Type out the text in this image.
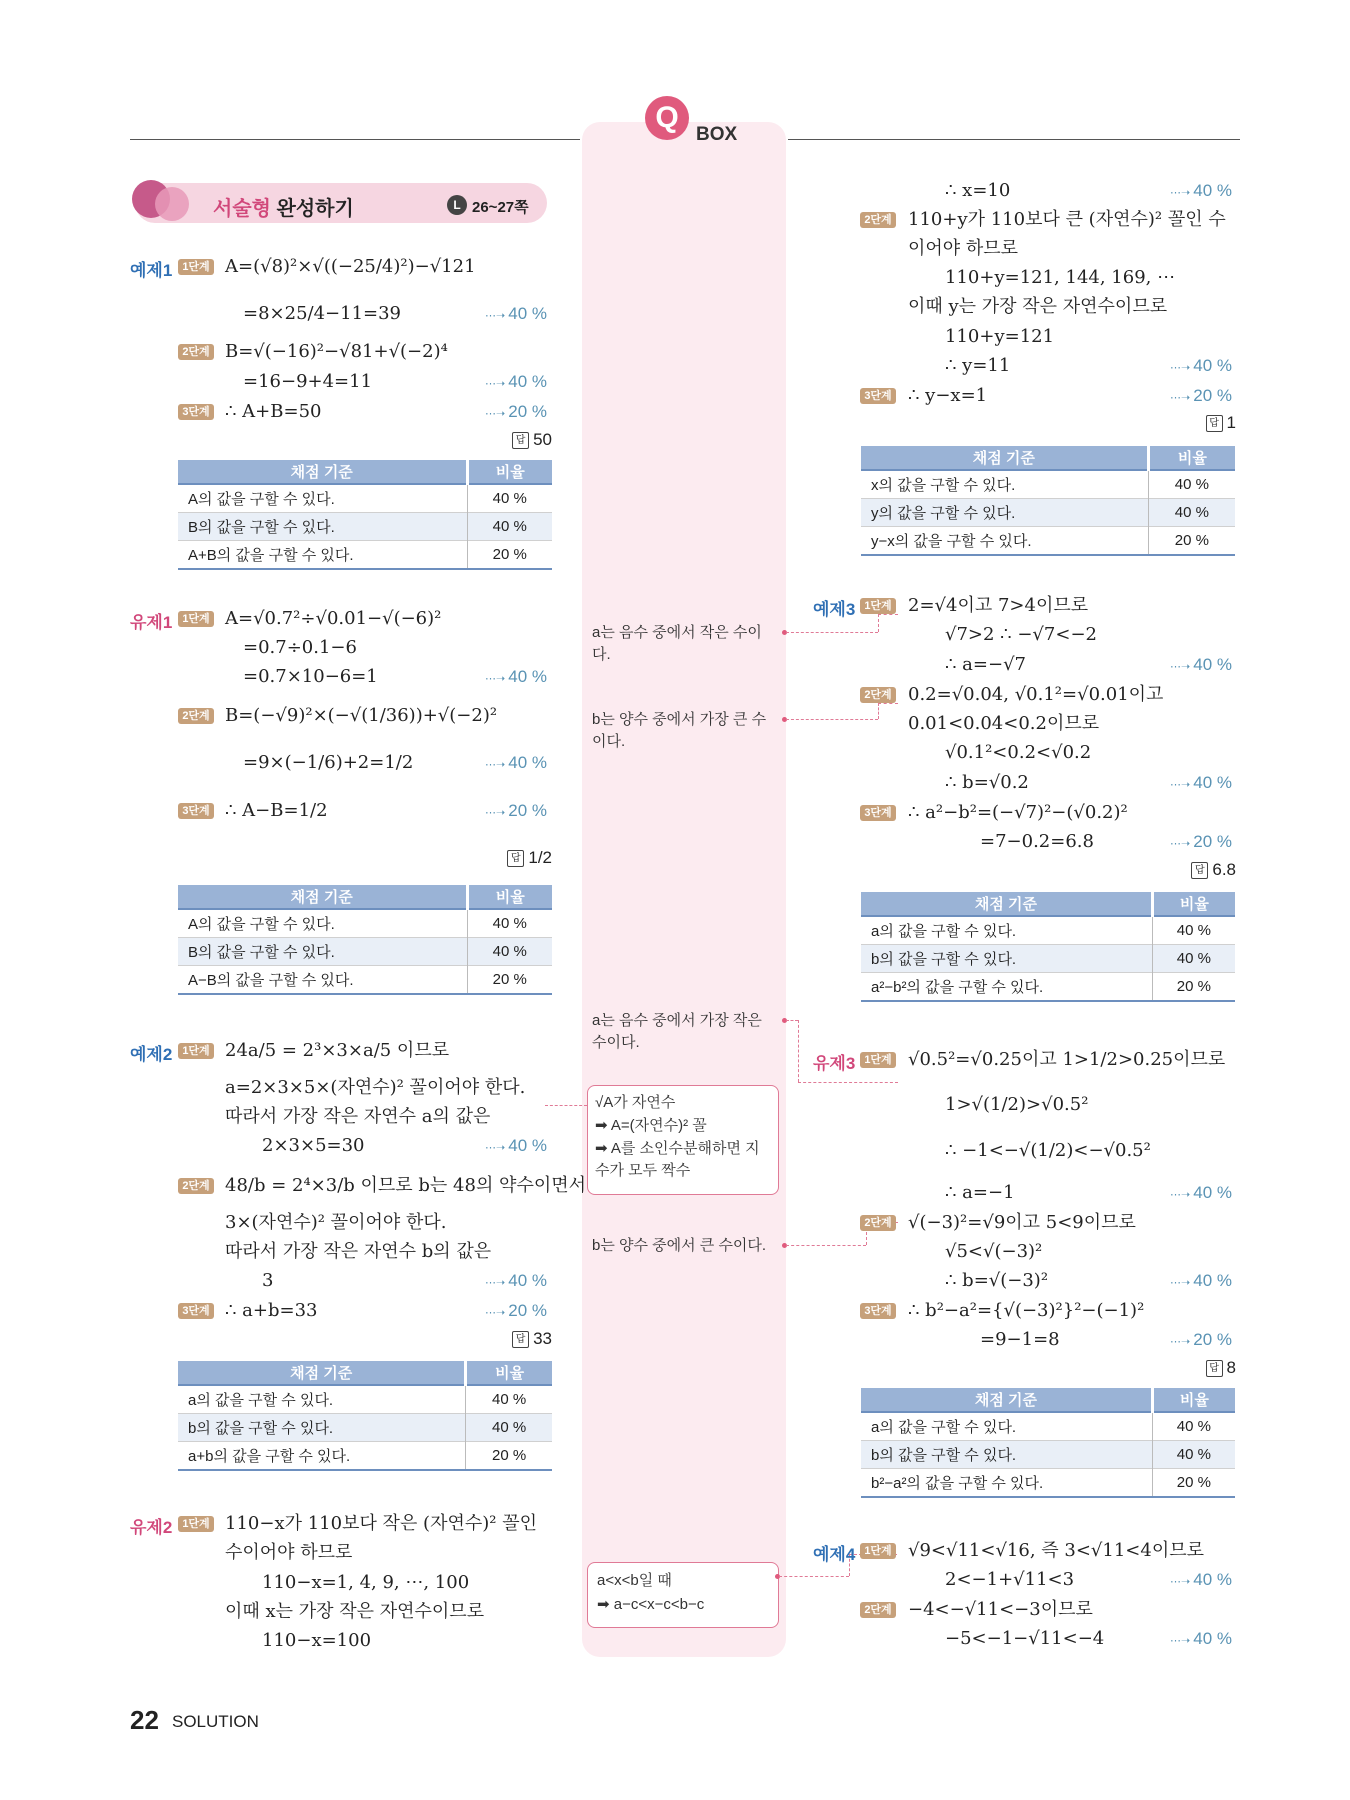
Q
BOX
서술형 완성하기	L 26~27쪽
예제1 1단계 A=(√8)²×√((−25/4)²)−√121
=8×25/4−11=39	⋯➝ 40 %
2단계 B=√(−16)²−√81+√(−2)⁴
=16−9+4=11	⋯➝ 40 %
3단계 ∴ A+B=50	⋯➝ 20 %
답 50
채점 기준	비율
A의 값을 구할 수 있다.	40 %
B의 값을 구할 수 있다.	40 %
A+B의 값을 구할 수 있다.	20 %
유제1 1단계 A=√0.7²÷√0.01−√(−6)²
=0.7÷0.1−6
=0.7×10−6=1	⋯➝ 40 %
2단계 B=(−√9)²×(−√(1/36))+√(−2)²
=9×(−1/6)+2=1/2	⋯➝ 40 %
3단계 ∴ A−B=1/2	⋯➝ 20 %
답 1/2
채점 기준	비율
A의 값을 구할 수 있다.	40 %
B의 값을 구할 수 있다.	40 %
A−B의 값을 구할 수 있다.	20 %
예제2 1단계 24a/5 = 2³×3×a/5 이므로
a=2×3×5×(자연수)² 꼴이어야 한다.
따라서 가장 작은 자연수 a의 값은
2×3×5=30	⋯➝ 40 %
2단계 48/b = 2⁴×3/b 이므로 b는 48의 약수이면서
3×(자연수)² 꼴이어야 한다.
따라서 가장 작은 자연수 b의 값은
3	⋯➝ 40 %
3단계 ∴ a+b=33	⋯➝ 20 %
답 33
채점 기준	비율
a의 값을 구할 수 있다.	40 %
b의 값을 구할 수 있다.	40 %
a+b의 값을 구할 수 있다.	20 %
유제2 1단계 110−x가 110보다 작은 (자연수)² 꼴인
수이어야 하므로
110−x=1, 4, 9, ⋯, 100
이때 x는 가장 작은 자연수이므로
110−x=100
a는 음수 중에서 작은 수이다.
b는 양수 중에서 가장 큰 수이다.
a는 음수 중에서 가장 작은 수이다.
√A가 자연수
➡ A=(자연수)² 꼴
➡ A를 소인수분해하면 지수가 모두 짝수
b는 양수 중에서 큰 수이다.
a<x<b일 때
➡ a−c<x−c<b−c
∴ x=10	⋯➝ 40 %
2단계 110+y가 110보다 큰 (자연수)² 꼴인 수
이어야 하므로
110+y=121, 144, 169, ⋯
이때 y는 가장 작은 자연수이므로
110+y=121
∴ y=11	⋯➝ 40 %
3단계 ∴ y−x=1	⋯➝ 20 %
답 1
채점 기준	비율
x의 값을 구할 수 있다.	40 %
y의 값을 구할 수 있다.	40 %
y−x의 값을 구할 수 있다.	20 %
예제3 1단계 2=√4이고 7>4이므로
√7>2 ∴ −√7<−2
∴ a=−√7	⋯➝ 40 %
2단계 0.2=√0.04, √0.1²=√0.01이고
0.01<0.04<0.2이므로
√0.1²<0.2<√0.2
∴ b=√0.2	⋯➝ 40 %
3단계 ∴ a²−b²=(−√7)²−(√0.2)²
=7−0.2=6.8	⋯➝ 20 %
답 6.8
채점 기준	비율
a의 값을 구할 수 있다.	40 %
b의 값을 구할 수 있다.	40 %
a²−b²의 값을 구할 수 있다.	20 %
유제3 1단계 √0.5²=√0.25이고 1>1/2>0.25이므로
1>√(1/2)>√0.5²
∴ −1<−√(1/2)<−√0.5²
∴ a=−1	⋯➝ 40 %
2단계 √(−3)²=√9이고 5<9이므로
√5<√(−3)²
∴ b=√(−3)²	⋯➝ 40 %
3단계 ∴ b²−a²={√(−3)²}²−(−1)²
=9−1=8	⋯➝ 20 %
답 8
채점 기준	비율
a의 값을 구할 수 있다.	40 %
b의 값을 구할 수 있다.	40 %
b²−a²의 값을 구할 수 있다.	20 %
예제4 1단계 √9<√11<√16, 즉 3<√11<4이므로
2<−1+√11<3	⋯➝ 40 %
2단계 −4<−√11<−3이므로
−5<−1−√11<−4	⋯➝ 40 %
22 SOLUTION
